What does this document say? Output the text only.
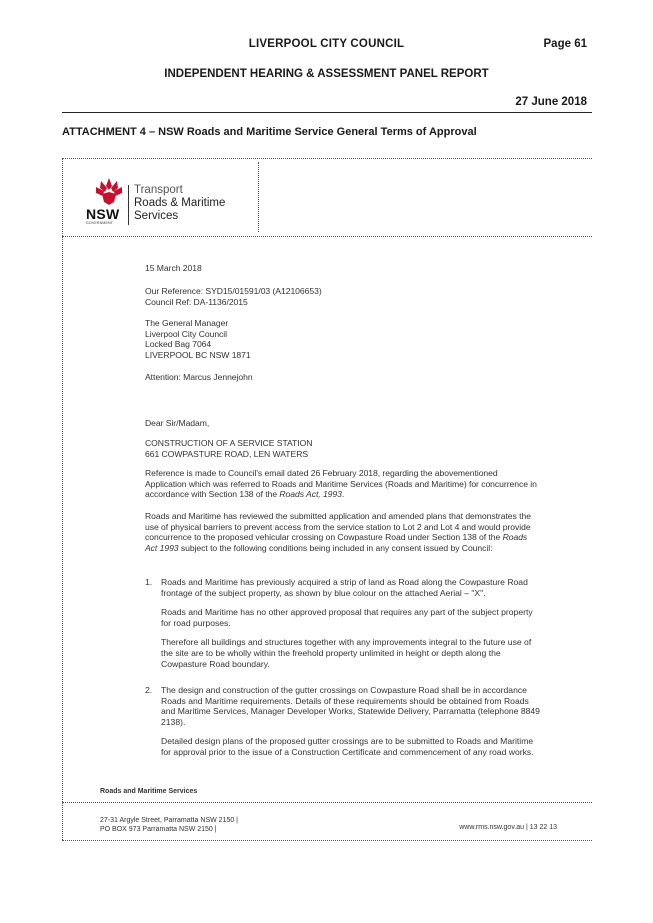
LIVERPOOL CITY COUNCIL	Page 61
INDEPENDENT HEARING & ASSESSMENT PANEL REPORT
27 June 2018
ATTACHMENT 4 – NSW Roads and Maritime Service General Terms of Approval
NSW
GOVERNMENT
Transport
Roads & Maritime
Services
15 March 2018
Our Reference: SYD15/01591/03 (A12106653)
Council Ref: DA-1136/2015

The General Manager

Liverpool City Council

Locked Bag 7064

LIVERPOOL BC NSW 1871

Attention: Marcus Jennejohn
Dear Sir/Madam,
CONSTRUCTION OF A SERVICE STATION
661 COWPASTURE ROAD, LEN WATERS

Reference is made to Council's email dated 26 February 2018, regarding the abovementioned Application which was referred to Roads and Maritime Services (Roads and Maritime) for concurrence in accordance with Section 138 of the Roads Act, 1993.

Roads and Maritime has reviewed the submitted application and amended plans that demonstrates the use of physical barriers to prevent access from the service station to Lot 2 and Lot 4 and would provide concurrence to the proposed vehicular crossing on Cowpasture Road under Section 138 of the Roads Act 1993 subject to the following conditions being included in any consent issued by Council:

1. Roads and Maritime has previously acquired a strip of land as Road along the Cowpasture Road frontage of the subject property, as shown by blue colour on the attached Aerial – "X".

Roads and Maritime has no other approved proposal that requires any part of the subject property for road purposes.

Therefore all buildings and structures together with any improvements integral to the future use of the site are to be wholly within the freehold property unlimited in height or depth along the Cowpasture Road boundary.

2. The design and construction of the gutter crossings on Cowpasture Road shall be in accordance Roads and Maritime requirements. Details of these requirements should be obtained from Roads and Maritime Services, Manager Developer Works, Statewide Delivery, Parramatta (telephone 8849 2138).

Detailed design plans of the proposed gutter crossings are to be submitted to Roads and Maritime for approval prior to the issue of a Construction Certificate and commencement of any road works.

Roads and Maritime Services
27-31 Argyle Street, Parramatta NSW 2150 |
PO BOX 973 Parramatta NSW 2150 |	www.rms.nsw.gov.au | 13 22 13
